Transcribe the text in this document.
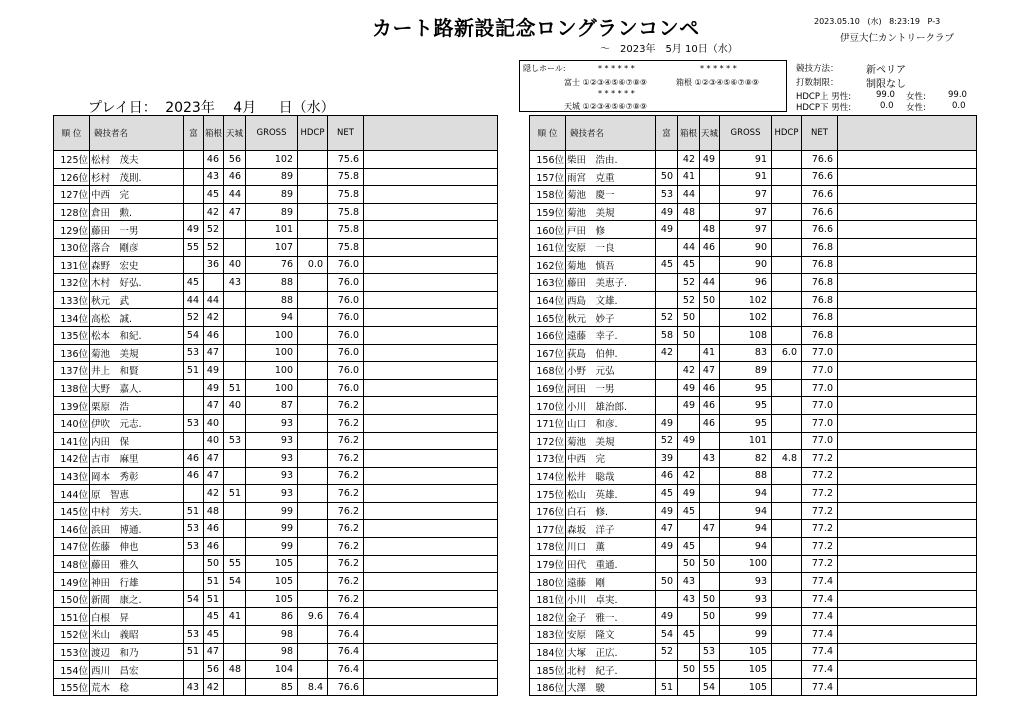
カート路新設記念ロングランコンペ	2023.05.10 (水) 8:23:19 P-3
伊豆大仁カントリークラブ
～　2023年　5月 10日（水）
隠しホール:	* * * * * *	* * * * * *
富士 ①②③④⑤⑥⑦⑧⑨	箱根 ①②③④⑤⑥⑦⑧⑨
* * * * * *
天城 ①②③④⑤⑥⑦⑧⑨
競技方法：	新ペリア
打数制限：	制限なし
HDCP上 男性:	99.0 女性:	99.0
HDCP下 男性:	0.0 女性:	0.0
プレイ日： 2023年 4月 日（水）
順 位	競技者名	富	箱根	天城	GROSS	HDCP	NET	
125位	松村　茂夫		46	56	102		75.6	
126位	杉村　茂則.		43	46	89		75.8	
127位	中西　完		45	44	89		75.8	
128位	倉田　勲.		42	47	89		75.8	
129位	藤田　一男	49	52		101		75.8	
130位	落合　剛彦	55	52		107		75.8	
131位	森野　宏史		36	40	76	0.0	76.0	
132位	木村　好弘.	45		43	88		76.0	
133位	秋元　武	44	44		88		76.0	
134位	高松　誠.	52	42		94		76.0	
135位	松本　和紀.	54	46		100		76.0	
136位	菊池　美規	53	47		100		76.0	
137位	井上　和賢	51	49		100		76.0	
138位	大野　嘉人.		49	51	100		76.0	
139位	栗原　浩		47	40	87		76.2	
140位	伊吹　元志.	53	40		93		76.2	
141位	内田　保		40	53	93		76.2	
142位	古市　麻里	46	47		93		76.2	
143位	岡本　秀彰	46	47		93		76.2	
144位	原　智恵		42	51	93		76.2	
145位	中村　芳夫.	51	48		99		76.2	
146位	浜田　博通.	53	46		99		76.2	
147位	佐藤　伸也	53	46		99		76.2	
148位	藤田　雅久		50	55	105		76.2	
149位	神田　行雄		51	54	105		76.2	
150位	新間　康之.	54	51		105		76.2	
151位	白根　昇		45	41	86	9.6	76.4	
152位	米山　義昭	53	45		98		76.4	
153位	渡辺　和乃	51	47		98		76.4	
154位	西川　昌宏		56	48	104		76.4	
155位	荒木　稔	43	42		85	8.4	76.6	
順 位	競技者名	富	箱根	天城	GROSS	HDCP	NET	
156位	柴田　浩由.		42	49	91		76.6	
157位	雨宮　克重	50	41		91		76.6	
158位	菊池　慶一	53	44		97		76.6	
159位	菊池　美規	49	48		97		76.6	
160位	戸田　修	49		48	97		76.6	
161位	安原　一良		44	46	90		76.8	
162位	菊地　慎吾	45	45		90		76.8	
163位	藤田　美恵子.		52	44	96		76.8	
164位	西島　文雄.		52	50	102		76.8	
165位	秋元　妙子	52	50		102		76.8	
166位	遠藤　幸子.	58	50		108		76.8	
167位	荻島　伯伸.	42		41	83	6.0	77.0	
168位	小野　元弘		42	47	89		77.0	
169位	河田　一男		49	46	95		77.0	
170位	小川　雄治郎.		49	46	95		77.0	
171位	山口　和彦.	49		46	95		77.0	
172位	菊池　美規	52	49		101		77.0	
173位	中西　完	39		43	82	4.8	77.2	
174位	松井　聡哉	46	42		88		77.2	
175位	松山　英雄.	45	49		94		77.2	
176位	白石　修.	49	45		94		77.2	
177位	森坂　洋子	47		47	94		77.2	
178位	川口　薫	49	45		94		77.2	
179位	田代　重通.		50	50	100		77.2	
180位	遠藤　剛	50	43		93		77.4	
181位	小川　卓実.		43	50	93		77.4	
182位	金子　雅一.	49		50	99		77.4	
183位	安原　隆文	54	45		99		77.4	
184位	大塚　正広.	52		53	105		77.4	
185位	北村　紀子.		50	55	105		77.4	
186位	大澤　駿	51		54	105		77.4	
